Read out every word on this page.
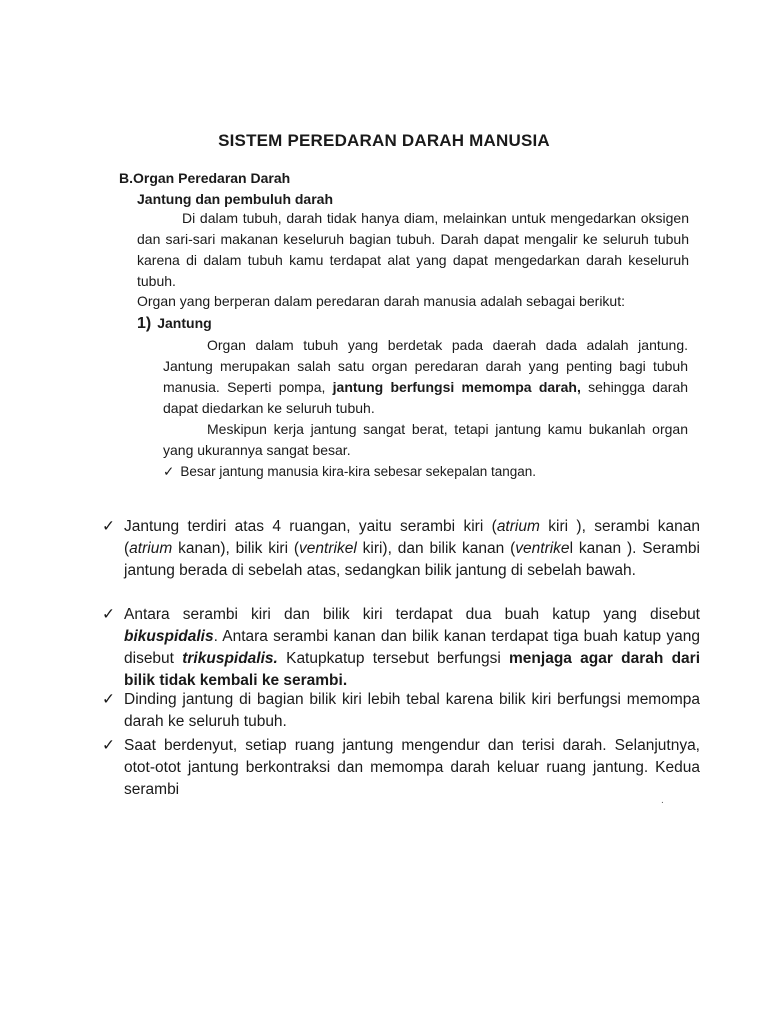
SISTEM PEREDARAN DARAH MANUSIA
B.Organ Peredaran Darah
Jantung dan pembuluh darah
Di dalam tubuh, darah tidak hanya diam, melainkan untuk mengedarkan oksigen dan sari-sari makanan keseluruh bagian tubuh. Darah dapat mengalir ke seluruh tubuh karena di dalam tubuh kamu terdapat alat yang dapat mengedarkan darah keseluruh tubuh.
Organ yang berperan dalam peredaran darah manusia adalah sebagai berikut:
1) Jantung
Organ dalam tubuh yang berdetak pada daerah dada adalah jantung. Jantung merupakan salah satu organ peredaran darah yang penting bagi tubuh manusia. Seperti pompa, jantung berfungsi memompa darah, sehingga darah dapat diedarkan ke seluruh tubuh.
Meskipun kerja jantung sangat berat, tetapi jantung kamu bukanlah organ yang ukurannya sangat besar.
✓ Besar jantung manusia kira-kira sebesar sekepalan tangan.
✓ Jantung terdiri atas 4 ruangan, yaitu serambi kiri (atrium kiri ), serambi kanan (atrium kanan), bilik kiri (ventrikel kiri), dan bilik kanan (ventrikel kanan ). Serambi jantung berada di sebelah atas, sedangkan bilik jantung di sebelah bawah.
✓ Antara serambi kiri dan bilik kiri terdapat dua buah katup yang disebut bikuspidalis. Antara serambi kanan dan bilik kanan terdapat tiga buah katup yang disebut trikuspidalis. Katupkatup tersebut berfungsi menjaga agar darah dari bilik tidak kembali ke serambi.
✓ Dinding jantung di bagian bilik kiri lebih tebal karena bilik kiri berfungsi memompa darah ke seluruh tubuh.
✓ Saat berdenyut, setiap ruang jantung mengendur dan terisi darah. Selanjutnya, otot-otot jantung berkontraksi dan memompa darah keluar ruang jantung. Kedua serambi
.
